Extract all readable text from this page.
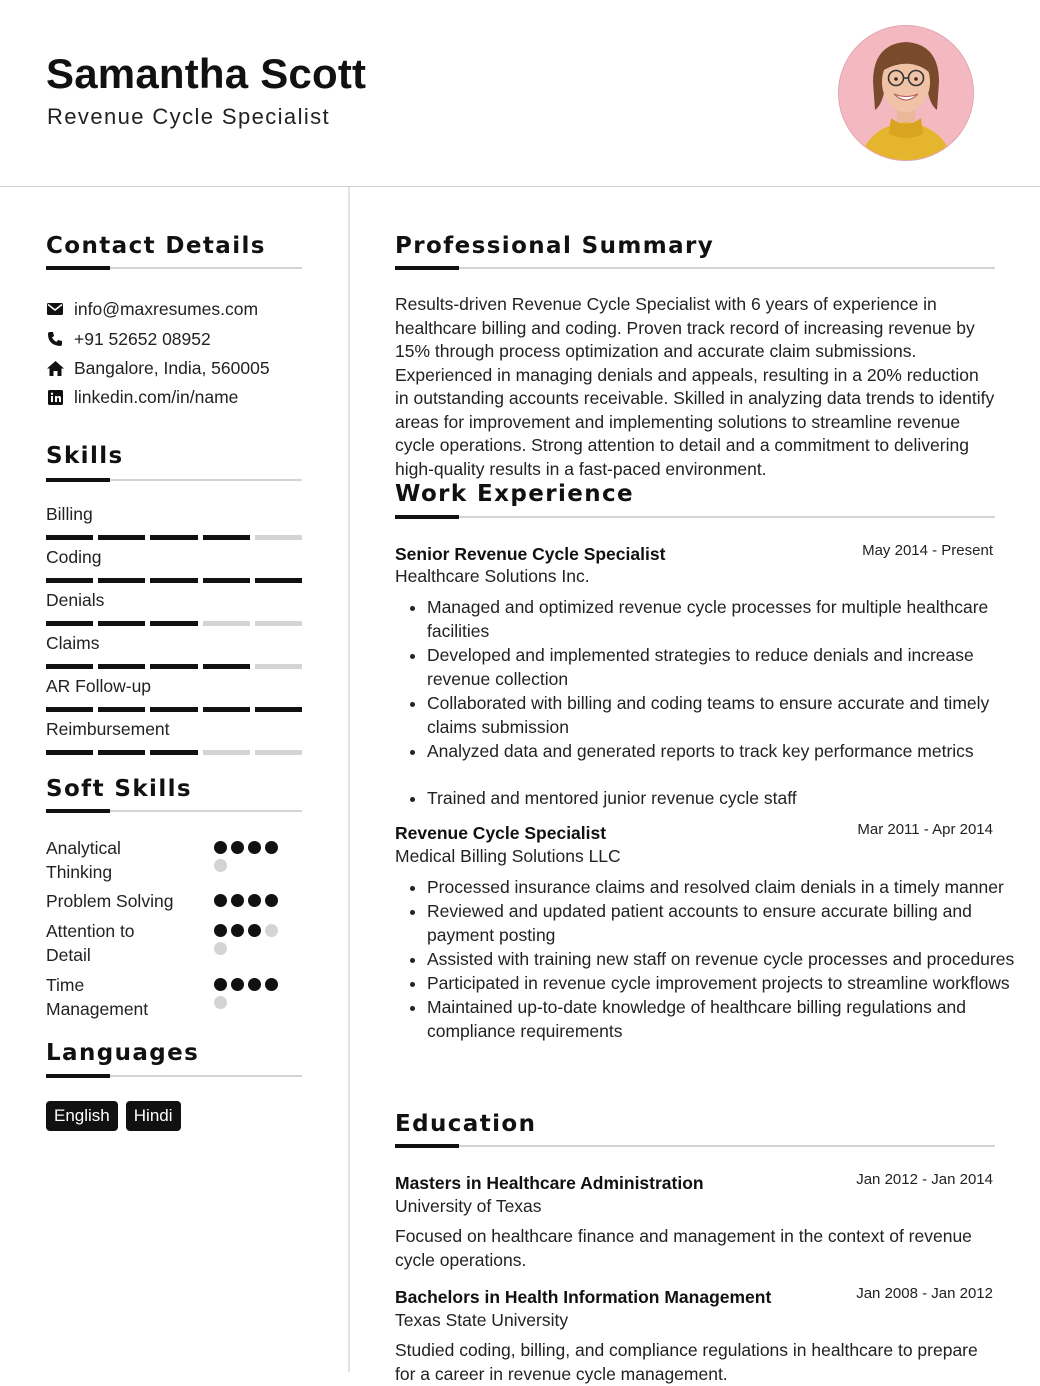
Samantha Scott
Revenue Cycle Specialist
Contact Details
info@maxresumes.com
+91 52652 08952
Bangalore, India, 560005
linkedin.com/in/name
Skills
Billing
Coding
Denials
Claims
AR Follow-up
Reimbursement
Soft Skills
Analytical Thinking
Problem Solving
Attention to Detail
Time Management
Languages
English	Hindi
Professional Summary

Results-driven Revenue Cycle Specialist with 6 years of experience in healthcare billing and coding. Proven track record of increasing revenue by 15% through process optimization and accurate claim submissions. Experienced in managing denials and appeals, resulting in a 20% reduction in outstanding accounts receivable. Skilled in analyzing data trends to identify areas for improvement and implementing solutions to streamline revenue cycle operations. Strong attention to detail and a commitment to delivering high-quality results in a fast-paced environment.

Work Experience
Senior Revenue Cycle Specialist	May 2014 - Present
Healthcare Solutions Inc.
• Managed and optimized revenue cycle processes for multiple healthcare facilities
• Developed and implemented strategies to reduce denials and increase revenue collection
• Collaborated with billing and coding teams to ensure accurate and timely claims submission
• Analyzed data and generated reports to track key performance metrics
• Trained and mentored junior revenue cycle staff
Revenue Cycle Specialist	Mar 2011 - Apr 2014
Medical Billing Solutions LLC
• Processed insurance claims and resolved claim denials in a timely manner
• Reviewed and updated patient accounts to ensure accurate billing and payment posting
• Assisted with training new staff on revenue cycle processes and procedures
• Participated in revenue cycle improvement projects to streamline workflows
• Maintained up-to-date knowledge of healthcare billing regulations and compliance requirements
Education
Masters in Healthcare Administration	Jan 2012 - Jan 2014
University of Texas

Focused on healthcare finance and management in the context of revenue cycle operations.

Bachelors in Health Information Management	Jan 2008 - Jan 2012
Texas State University

Studied coding, billing, and compliance regulations in healthcare to prepare for a career in revenue cycle management.
